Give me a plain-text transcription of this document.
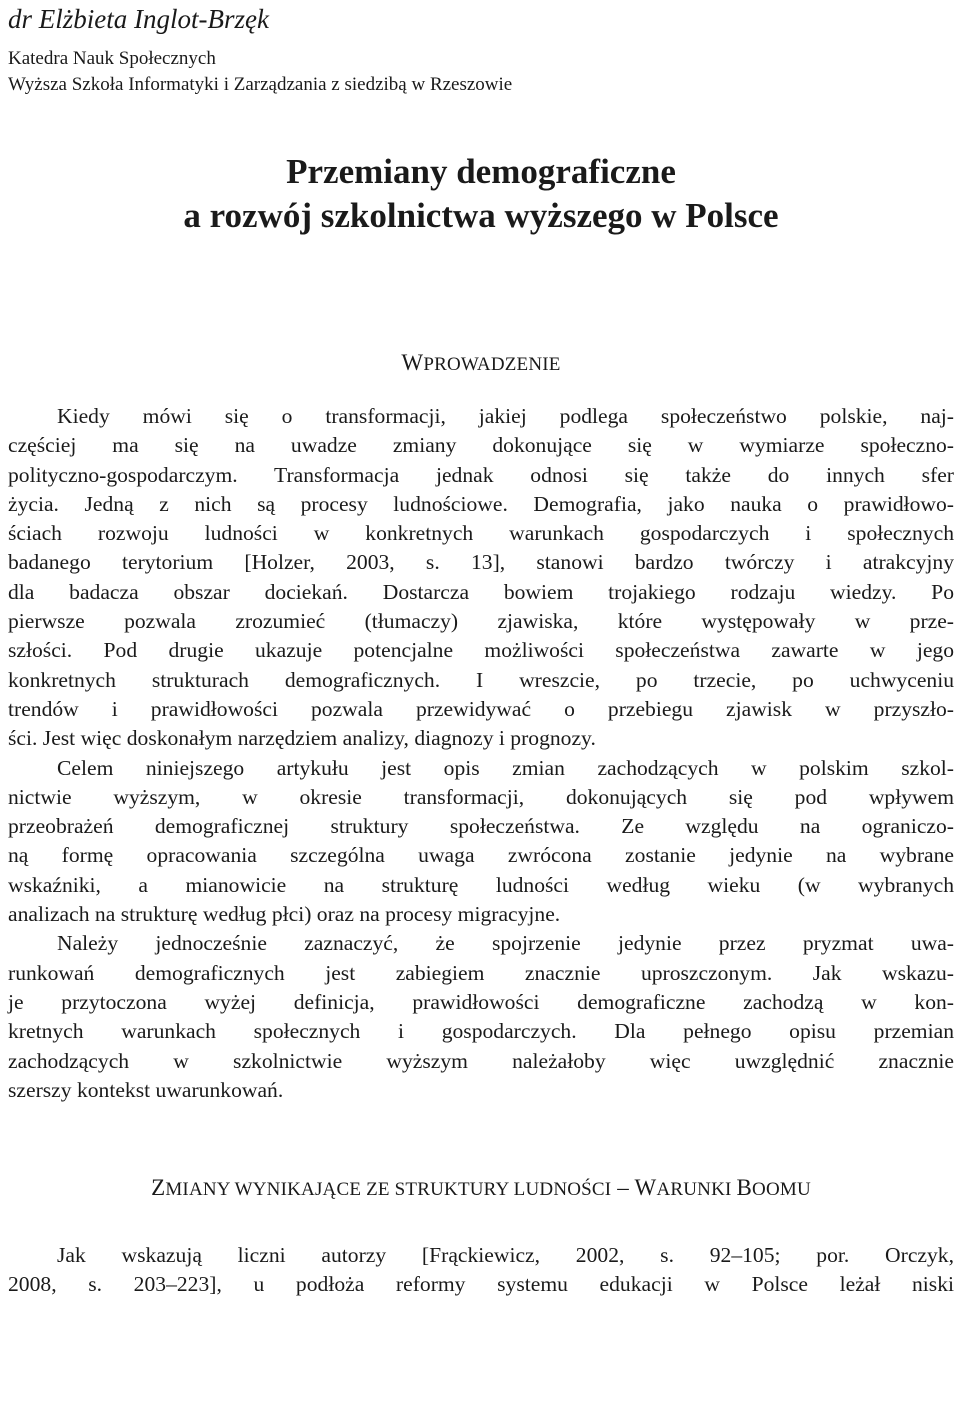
dr Elżbieta Inglot-Brzęk
Katedra Nauk Społecznych
Wyższa Szkoła Informatyki i Zarządzania z siedzibą w Rzeszowie
Przemiany demograficzne
a rozwój szkolnictwa wyższego w Polsce
WPROWADZENIE
Kiedy mówi się o transformacji, jakiej podlega społeczeństwo polskie, naj-
częściej ma się na uwadze zmiany dokonujące się w wymiarze społeczno-
polityczno-gospodarczym. Transformacja jednak odnosi się także do innych sfer
życia. Jedną z nich są procesy ludnościowe. Demografia, jako nauka o prawidłowo-
ściach rozwoju ludności w konkretnych warunkach gospodarczych i społecznych
badanego terytorium [Holzer, 2003, s. 13], stanowi bardzo twórczy i atrakcyjny
dla badacza obszar dociekań. Dostarcza bowiem trojakiego rodzaju wiedzy. Po
pierwsze pozwala zrozumieć (tłumaczy) zjawiska, które występowały w prze-
szłości. Pod drugie ukazuje potencjalne możliwości społeczeństwa zawarte w jego
konkretnych strukturach demograficznych. I wreszcie, po trzecie, po uchwyceniu
trendów i prawidłowości pozwala przewidywać o przebiegu zjawisk w przyszło-
ści. Jest więc doskonałym narzędziem analizy, diagnozy i prognozy.
Celem niniejszego artykułu jest opis zmian zachodzących w polskim szkol-
nictwie wyższym, w okresie transformacji, dokonujących się pod wpływem
przeobrażeń demograficznej struktury społeczeństwa. Ze względu na ograniczo-
ną formę opracowania szczególna uwaga zwrócona zostanie jedynie na wybrane
wskaźniki, a mianowicie na strukturę ludności według wieku (w wybranych
analizach na strukturę według płci) oraz na procesy migracyjne.
Należy jednocześnie zaznaczyć, że spojrzenie jedynie przez pryzmat uwa-
runkowań demograficznych jest zabiegiem znacznie uproszczonym. Jak wskazu-
je przytoczona wyżej definicja, prawidłowości demograficzne zachodzą w kon-
kretnych warunkach społecznych i gospodarczych. Dla pełnego opisu przemian
zachodzących w szkolnictwie wyższym należałoby więc uwzględnić znacznie
szerszy kontekst uwarunkowań.
ZMIANY WYNIKAJĄCE ZE STRUKTURY LUDNOŚCI – WARUNKI BOOMU
Jak wskazują liczni autorzy [Frąckiewicz, 2002, s. 92–105; por. Orczyk,
2008, s. 203–223], u podłoża reformy systemu edukacji w Polsce leżał niski
